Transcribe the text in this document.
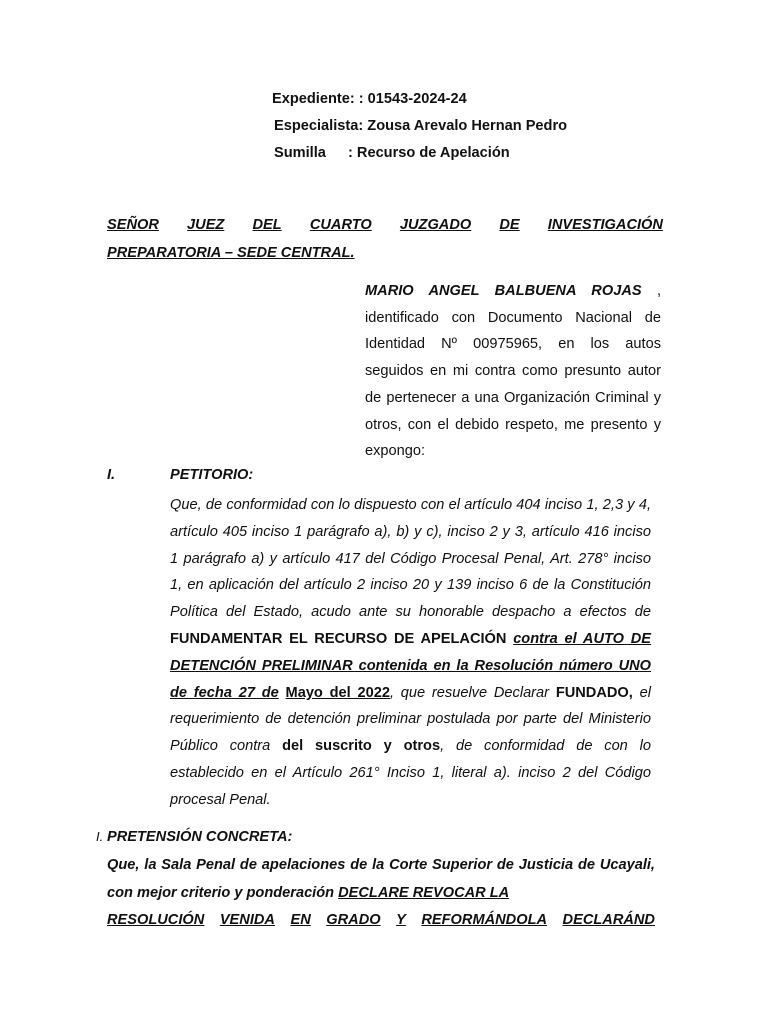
Expediente: : 01543-2024-24
Especialista: Zousa Arevalo Hernan Pedro
Sumilla : Recurso de Apelación
SEÑOR JUEZ DEL CUARTO JUZGADO DE INVESTIGACIÓN
PREPARATORIA – SEDE CENTRAL.
MARIO ANGEL BALBUENA ROJAS , identificado con Documento Nacional de Identidad Nº 00975965, en los autos seguidos en mi contra como presunto autor de pertenecer a una Organización Criminal y otros, con el debido respeto, me presento y expongo:
I.	PETITORIO:
Que, de conformidad con lo dispuesto con el artículo 404 inciso 1, 2,3 y 4, artículo 405 inciso 1 parágrafo a), b) y c), inciso 2 y 3, artículo 416 inciso 1 parágrafo a) y artículo 417 del Código Procesal Penal, Art. 278° inciso 1, en aplicación del artículo 2 inciso 20 y 139 inciso 6 de la Constitución Política del Estado, acudo ante su honorable despacho a efectos de FUNDAMENTAR EL RECURSO DE APELACIÓN contra el AUTO DE DETENCIÓN PRELIMINAR contenida en la Resolución número UNO de fecha 27 de Mayo del 2022, que resuelve Declarar FUNDADO, el requerimiento de detención preliminar postulada por parte del Ministerio Público contra del suscrito y otros, de conformidad de con lo establecido en el Artículo 261° Inciso 1, literal a). inciso 2 del Código procesal Penal.
I. PRETENSIÓN CONCRETA:
Que, la Sala Penal de apelaciones de la Corte Superior de Justicia de Ucayali, con mejor criterio y ponderación DECLARE REVOCAR LA
RESOLUCIÓN VENIDA EN GRADO Y REFORMÁNDOLA DECLARÁND
